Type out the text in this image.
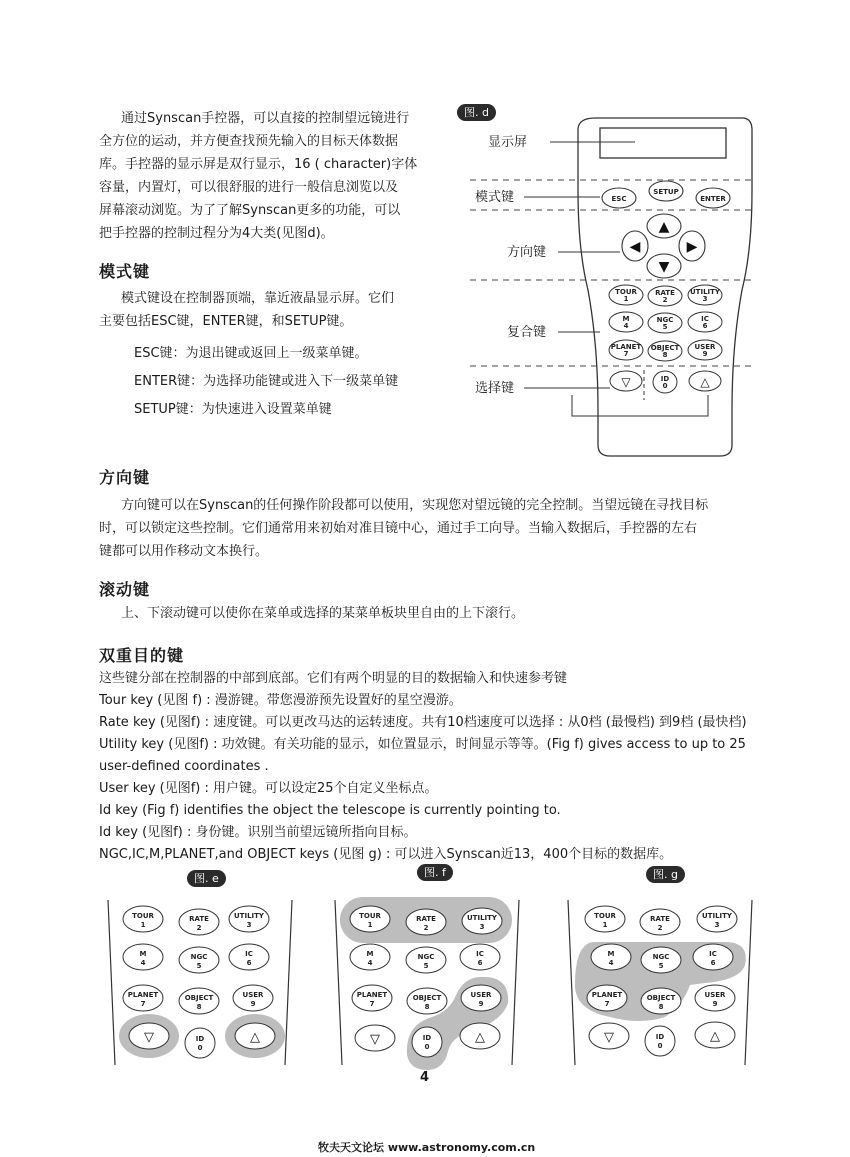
通过Synscan手控器，可以直接的控制望远镜进行
全方位的运动，并方便查找预先输入的目标天体数据
库。手控器的显示屏是双行显示，16 ( character)字体
容量，内置灯，可以很舒服的进行一般信息浏览以及
屏幕滚动浏览。为了了解Synscan更多的功能，可以
把手控器的控制过程分为4大类(见图d)。
模式键
模式键设在控制器顶端，靠近液晶显示屏。它们
主要包括ESC键，ENTER键，和SETUP键。
ESC键：为退出键或返回上一级菜单键。
ENTER键：为选择功能键或进入下一级菜单键
SETUP键：为快速进入设置菜单键
方向键
方向键可以在Synscan的任何操作阶段都可以使用，实现您对望远镜的完全控制。当望远镜在寻找目标
时，可以锁定这些控制。它们通常用来初始对准目镜中心，通过手工向导。当输入数据后，手控器的左右
键都可以用作移动文本换行。
滚动键
上、下滚动键可以使你在菜单或选择的某菜单板块里自由的上下滚行。
双重目的键
这些键分部在控制器的中部到底部。它们有两个明显的目的数据输入和快速参考键
Tour key (见图 f) : 漫游键。带您漫游预先设置好的星空漫游。
Rate key (见图f) : 速度键。可以更改马达的运转速度。共有10档速度可以选择 : 从0档 (最慢档) 到9档 (最快档)
Utility key (见图f) : 功效键。有关功能的显示，如位置显示，时间显示等等。(Fig f) gives access to up to 25
user-defined coordinates .
User key (见图f) : 用户键。可以设定25个自定义坐标点。
Id key (Fig f) identifies the object the telescope is currently pointing to.
Id key (见图f) : 身份键。识别当前望远镜所指向目标。
NGC,IC,M,PLANET,and OBJECT keys (见图 g) : 可以进入Synscan近13，400个目标的数据库。
图. d
显示屏
模式键
方向键
复合键
选择键
ESC
SETUP
ENTER
▲
◀	▶
▼
TOUR
1
RATE
2
UTILITY
3
M
4
NGC
5
IC
6
PLANET
7
OBJECT
8
USER
9
▽	ID
0	△
图. e	图. f	图. g
TOUR
1
RATE
2
UTILITY
3
M
4
NGC
5
IC
6
PLANET
7
OBJECT
8
USER
9
▽	ID
0
△
TOUR
1
RATE
2
UTILITY
3
M
4
NGC
5
IC
6
PLANET
7
OBJECT
8
USER
9
▽	ID
0
△
TOUR
1
RATE
2
UTILITY
3
M
4
NGC
5
IC
6
PLANET
7
OBJECT
8
USER
9
▽	ID
0
△
4
牧夫天文论坛 www.astronomy.com.cn
